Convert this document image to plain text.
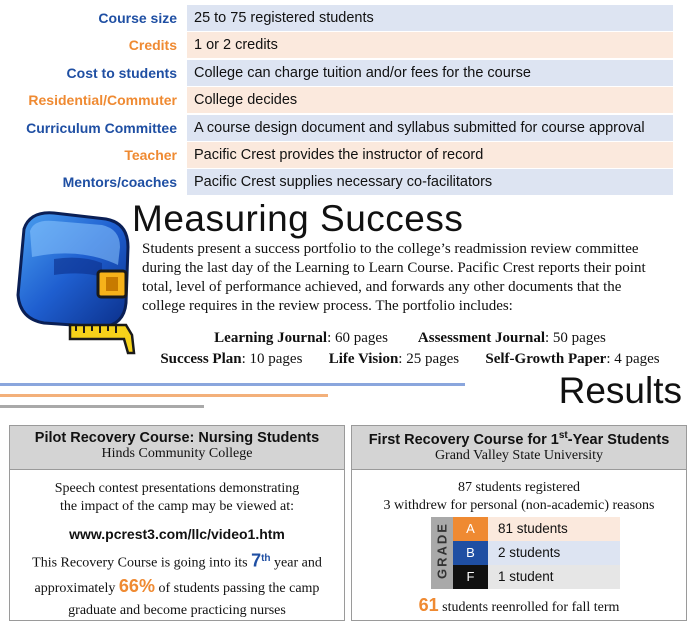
Course size	25 to 75 registered students
Credits	1 or 2 credits
Cost to students	College can charge tuition and/or fees for the course
Residential/Commuter	College decides
Curriculum Committee	A course design document and syllabus submitted for course approval
Teacher	Pacific Crest provides the instructor of record
Mentors/coaches	Pacific Crest supplies necessary co-facilitators
Measuring Success
Students present a success portfolio to the college’s readmission review committee
during the last day of the Learning to Learn Course. Pacific Crest reports their point
total, level of performance achieved, and forwards any other documents that the
college requires in the review process. The portfolio includes:
Learning Journal: 60 pages Assessment Journal: 50 pages
Success Plan: 10 pages Life Vision: 25 pages Self-Growth Paper: 4 pages
Results
Pilot Recovery Course: Nursing Students
Hinds Community College
Speech contest presentations demonstrating
the impact of the camp may be viewed at:
www.pcrest3.com/llc/video1.htm
This Recovery Course is going into its 7th year and
approximately 66% of students passing the camp
graduate and become practicing nurses
First Recovery Course for 1st-Year Students
Grand Valley State University
87 students registered
3 withdrew for personal (non-academic) reasons
GRADE	A	81 students
B	2 students
F	1 student
61 students reenrolled for fall term
